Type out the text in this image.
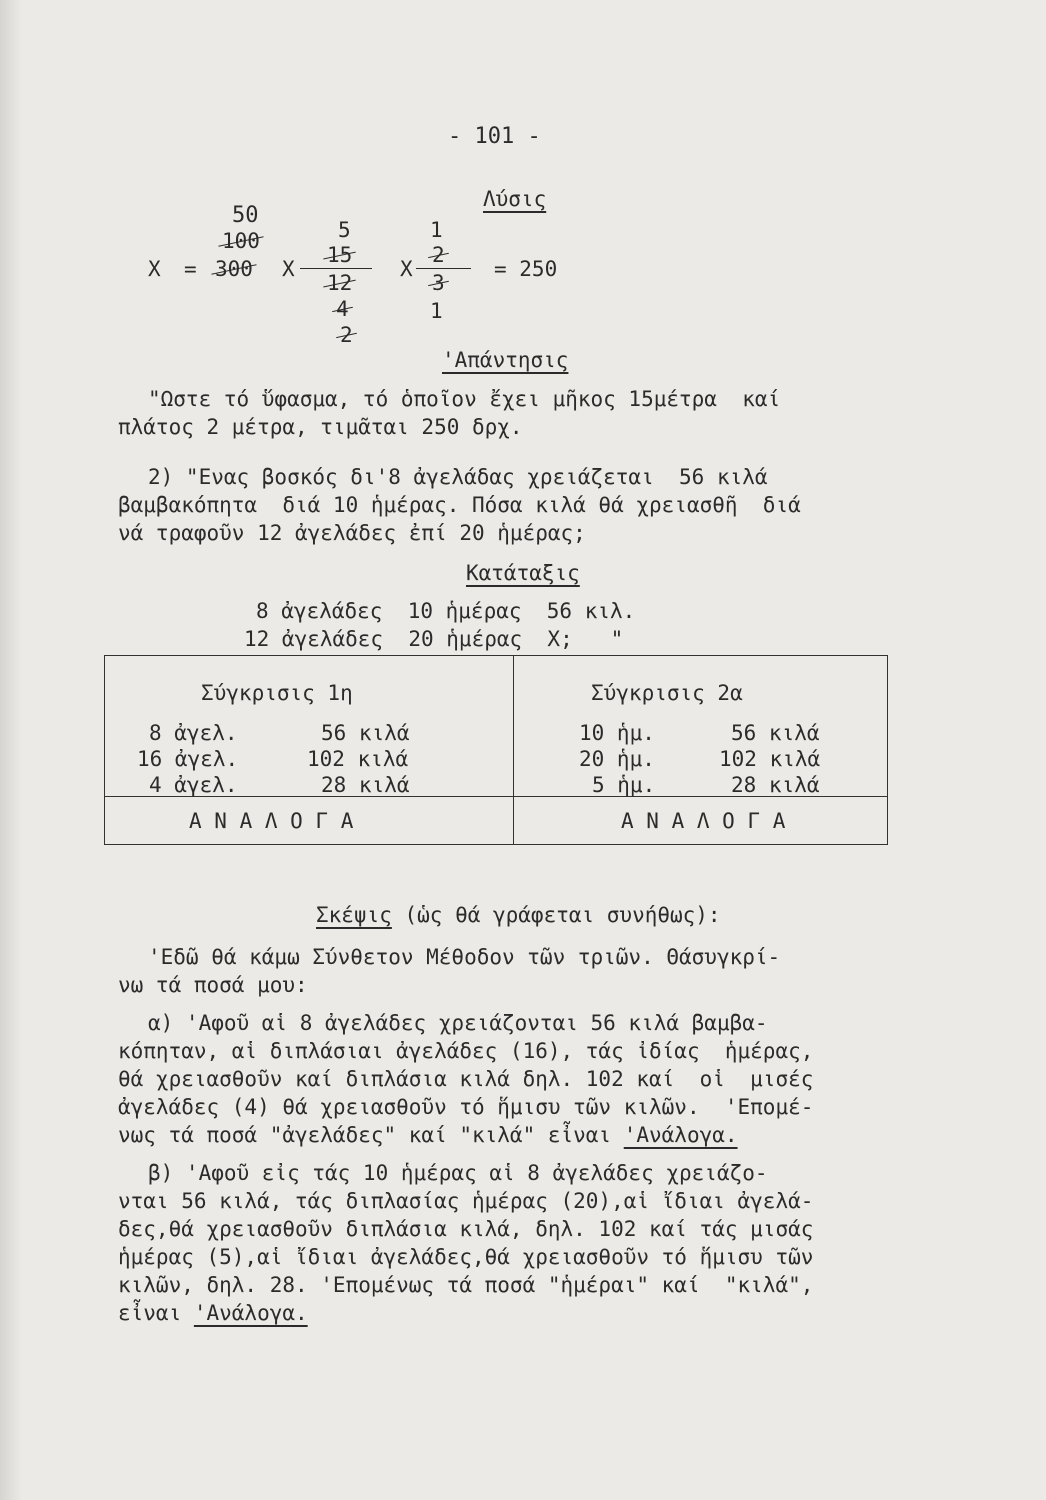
- 101 -
Λύσις
50
100
Χ = 300 Χ
5
15
12
4
2
Χ
1
2
3
1
= 250
'Απάντησις
"Ωστε τό ὕφασμα, τό ὁποῖον ἔχει μῆκος 15μέτρα  καί
πλάτος 2 μέτρα, τιμᾶται 250 δρχ.
2) "Ενας βοσκός δι'8 ἀγελάδας χρειάζεται  56 κιλά
βαμβακόπητα  διά 10 ἡμέρας. Πόσα κιλά θά χρειασθῆ  διά
νά τραφοῦν 12 ἀγελάδες ἐπί 20 ἡμέρας;
Κατάταξις
8 ἀγελάδες  10 ἡμέρας  56 κιλ.
12 ἀγελάδες  20 ἡμέρας  Χ;   "
Σύγκρισις 1η
8 ἀγελ.	56 κιλά
16 ἀγελ.	102 κιλά
4 ἀγελ.	28 κιλά
Α Ν Α Λ Ο Γ Α
Σύγκρισις 2α
10 ἡμ.	56 κιλά
20 ἡμ.	102 κιλά
5 ἡμ.	28 κιλά
Α Ν Α Λ Ο Γ Α
Σκέψις (ὡς θά γράφεται συνήθως):
'Εδῶ θά κάμω Σύνθετον Μέθοδον τῶν τριῶν. Θάσυγκρί-
νω τά ποσά μου:
α) 'Αφοῦ αἱ 8 ἀγελάδες χρειάζονται 56 κιλά βαμβα-
κόπηταν, αἱ διπλάσιαι ἀγελάδες (16), τάς ἰδίας  ἡμέρας,
θά χρειασθοῦν καί διπλάσια κιλά δηλ. 102 καί  οἱ  μισές
ἀγελάδες (4) θά χρειασθοῦν τό ἥμισυ τῶν κιλῶν.  'Επομέ-
νως τά ποσά "ἀγελάδες" καί "κιλά" εἶναι 'Ανάλογα.
β) 'Αφοῦ εἰς τάς 10 ἡμέρας αἱ 8 ἀγελάδες χρειάζο-
νται 56 κιλά, τάς διπλασίας ἡμέρας (20),αἱ ἴδιαι ἀγελά-
δες,θά χρειασθοῦν διπλάσια κιλά, δηλ. 102 καί τάς μισάς
ἡμέρας (5),αἱ ἴδιαι ἀγελάδες,θά χρειασθοῦν τό ἥμισυ τῶν
κιλῶν, δηλ. 28. 'Επομένως τά ποσά "ἡμέραι" καί  "κιλά",
εἶναι 'Ανάλογα.
